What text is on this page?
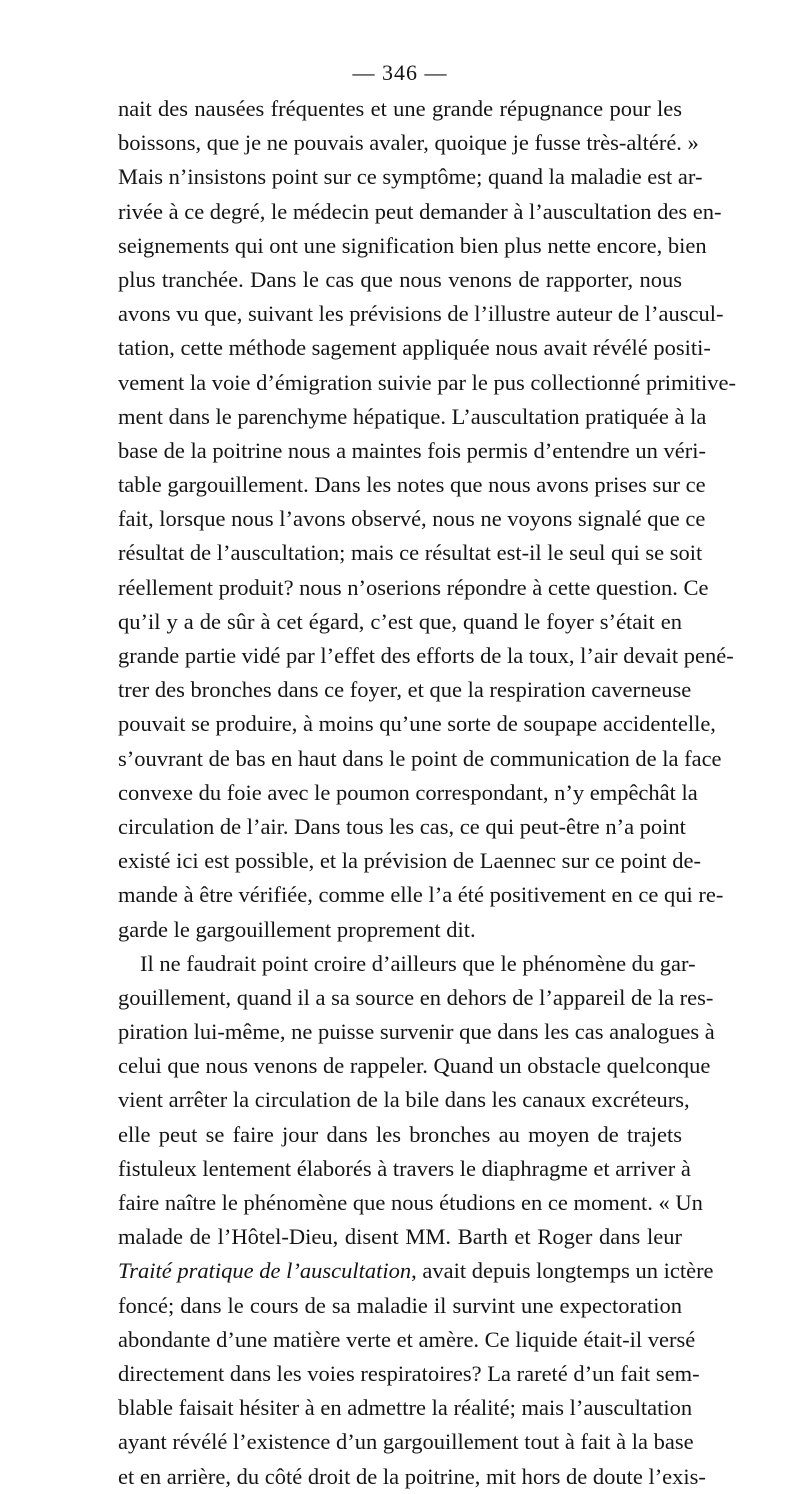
— 346 —
nait des nausées fréquentes et une grande répugnance pour les
boissons, que je ne pouvais avaler, quoique je fusse très-altéré. »
Mais n’insistons point sur ce symptôme; quand la maladie est ar-
rivée à ce degré, le médecin peut demander à l’auscultation des en-
seignements qui ont une signification bien plus nette encore, bien
plus tranchée. Dans le cas que nous venons de rapporter, nous
avons vu que, suivant les prévisions de l’illustre auteur de l’auscul-
tation, cette méthode sagement appliquée nous avait révélé positi-
vement la voie d’émigration suivie par le pus collectionné primitive-
ment dans le parenchyme hépatique. L’auscultation pratiquée à la
base de la poitrine nous a maintes fois permis d’entendre un véri-
table gargouillement. Dans les notes que nous avons prises sur ce
fait, lorsque nous l’avons observé, nous ne voyons signalé que ce
résultat de l’auscultation; mais ce résultat est-il le seul qui se soit
réellement produit? nous n’oserions répondre à cette question. Ce
qu’il y a de sûr à cet égard, c’est que, quand le foyer s’était en
grande partie vidé par l’effet des efforts de la toux, l’air devait pené-
trer des bronches dans ce foyer, et que la respiration caverneuse
pouvait se produire, à moins qu’une sorte de soupape accidentelle,
s’ouvrant de bas en haut dans le point de communication de la face
convexe du foie avec le poumon correspondant, n’y empêchât la
circulation de l’air. Dans tous les cas, ce qui peut-être n’a point
existé ici est possible, et la prévision de Laennec sur ce point de-
mande à être vérifiée, comme elle l’a été positivement en ce qui re-
garde le gargouillement proprement dit.
Il ne faudrait point croire d’ailleurs que le phénomène du gar-
gouillement, quand il a sa source en dehors de l’appareil de la res-
piration lui-même, ne puisse survenir que dans les cas analogues à
celui que nous venons de rappeler. Quand un obstacle quelconque
vient arrêter la circulation de la bile dans les canaux excréteurs,
elle peut se faire jour dans les bronches au moyen de trajets
fistuleux lentement élaborés à travers le diaphragme et arriver à
faire naître le phénomène que nous étudions en ce moment. « Un
malade de l’Hôtel-Dieu, disent MM. Barth et Roger dans leur
Traité pratique de l’auscultation, avait depuis longtemps un ictère
foncé; dans le cours de sa maladie il survint une expectoration
abondante d’une matière verte et amère. Ce liquide était-il versé
directement dans les voies respiratoires? La rareté d’un fait sem-
blable faisait hésiter à en admettre la réalité; mais l’auscultation
ayant révélé l’existence d’un gargouillement tout à fait à la base
et en arrière, du côté droit de la poitrine, mit hors de doute l’exis-
